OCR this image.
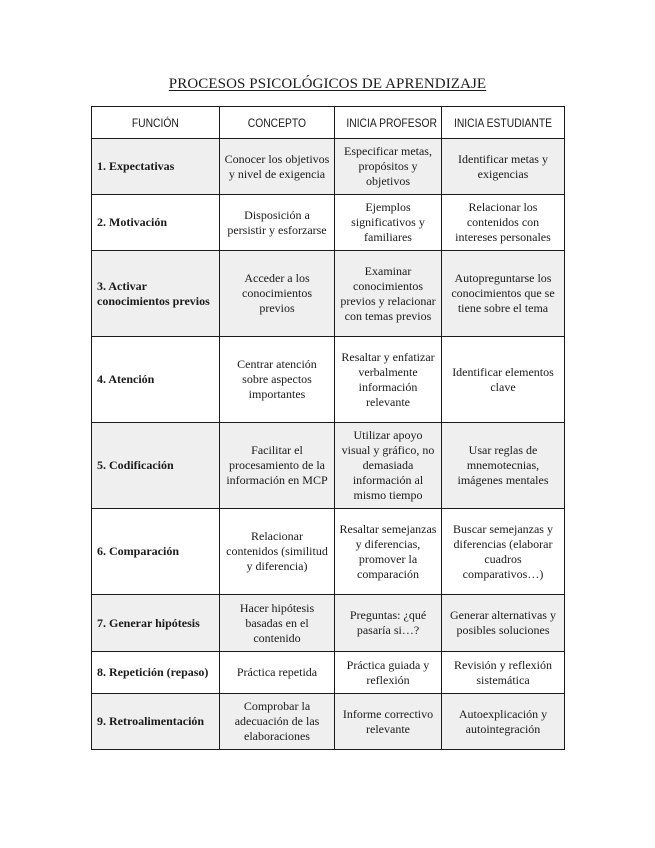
PROCESOS PSICOLÓGICOS DE APRENDIZAJE
FUNCIÓN	CONCEPTO	INICIA PROFESOR	INICIA ESTUDIANTE
1. Expectativas	Conocer los objetivos y nivel de exigencia	Especificar metas, propósitos y objetivos	Identificar metas y exigencias
2. Motivación	Disposición a persistir y esforzarse	Ejemplos significativos y familiares	Relacionar los contenidos con intereses personales
3. Activar conocimientos previos	Acceder a los conocimientos previos	Examinar conocimientos previos y relacionar con temas previos	Autopreguntarse los conocimientos que se tiene sobre el tema
4. Atención	Centrar atención sobre aspectos importantes	Resaltar y enfatizar verbalmente información relevante	Identificar elementos clave
5. Codificación	Facilitar el procesamiento de la información en MCP	Utilizar apoyo visual y gráfico, no demasiada información al mismo tiempo	Usar reglas de mnemotecnias, imágenes mentales
6. Comparación	Relacionar contenidos (similitud y diferencia)	Resaltar semejanzas y diferencias, promover la comparación	Buscar semejanzas y diferencias (elaborar cuadros comparativos…)
7. Generar hipótesis	Hacer hipótesis basadas en el contenido	Preguntas: ¿qué pasaría si…?	Generar alternativas y posibles soluciones
8. Repetición (repaso)	Práctica repetida	Práctica guiada y reflexión	Revisión y reflexión sistemática
9. Retroalimentación	Comprobar la adecuación de las elaboraciones	Informe correctivo relevante	Autoexplicación y autointegración
